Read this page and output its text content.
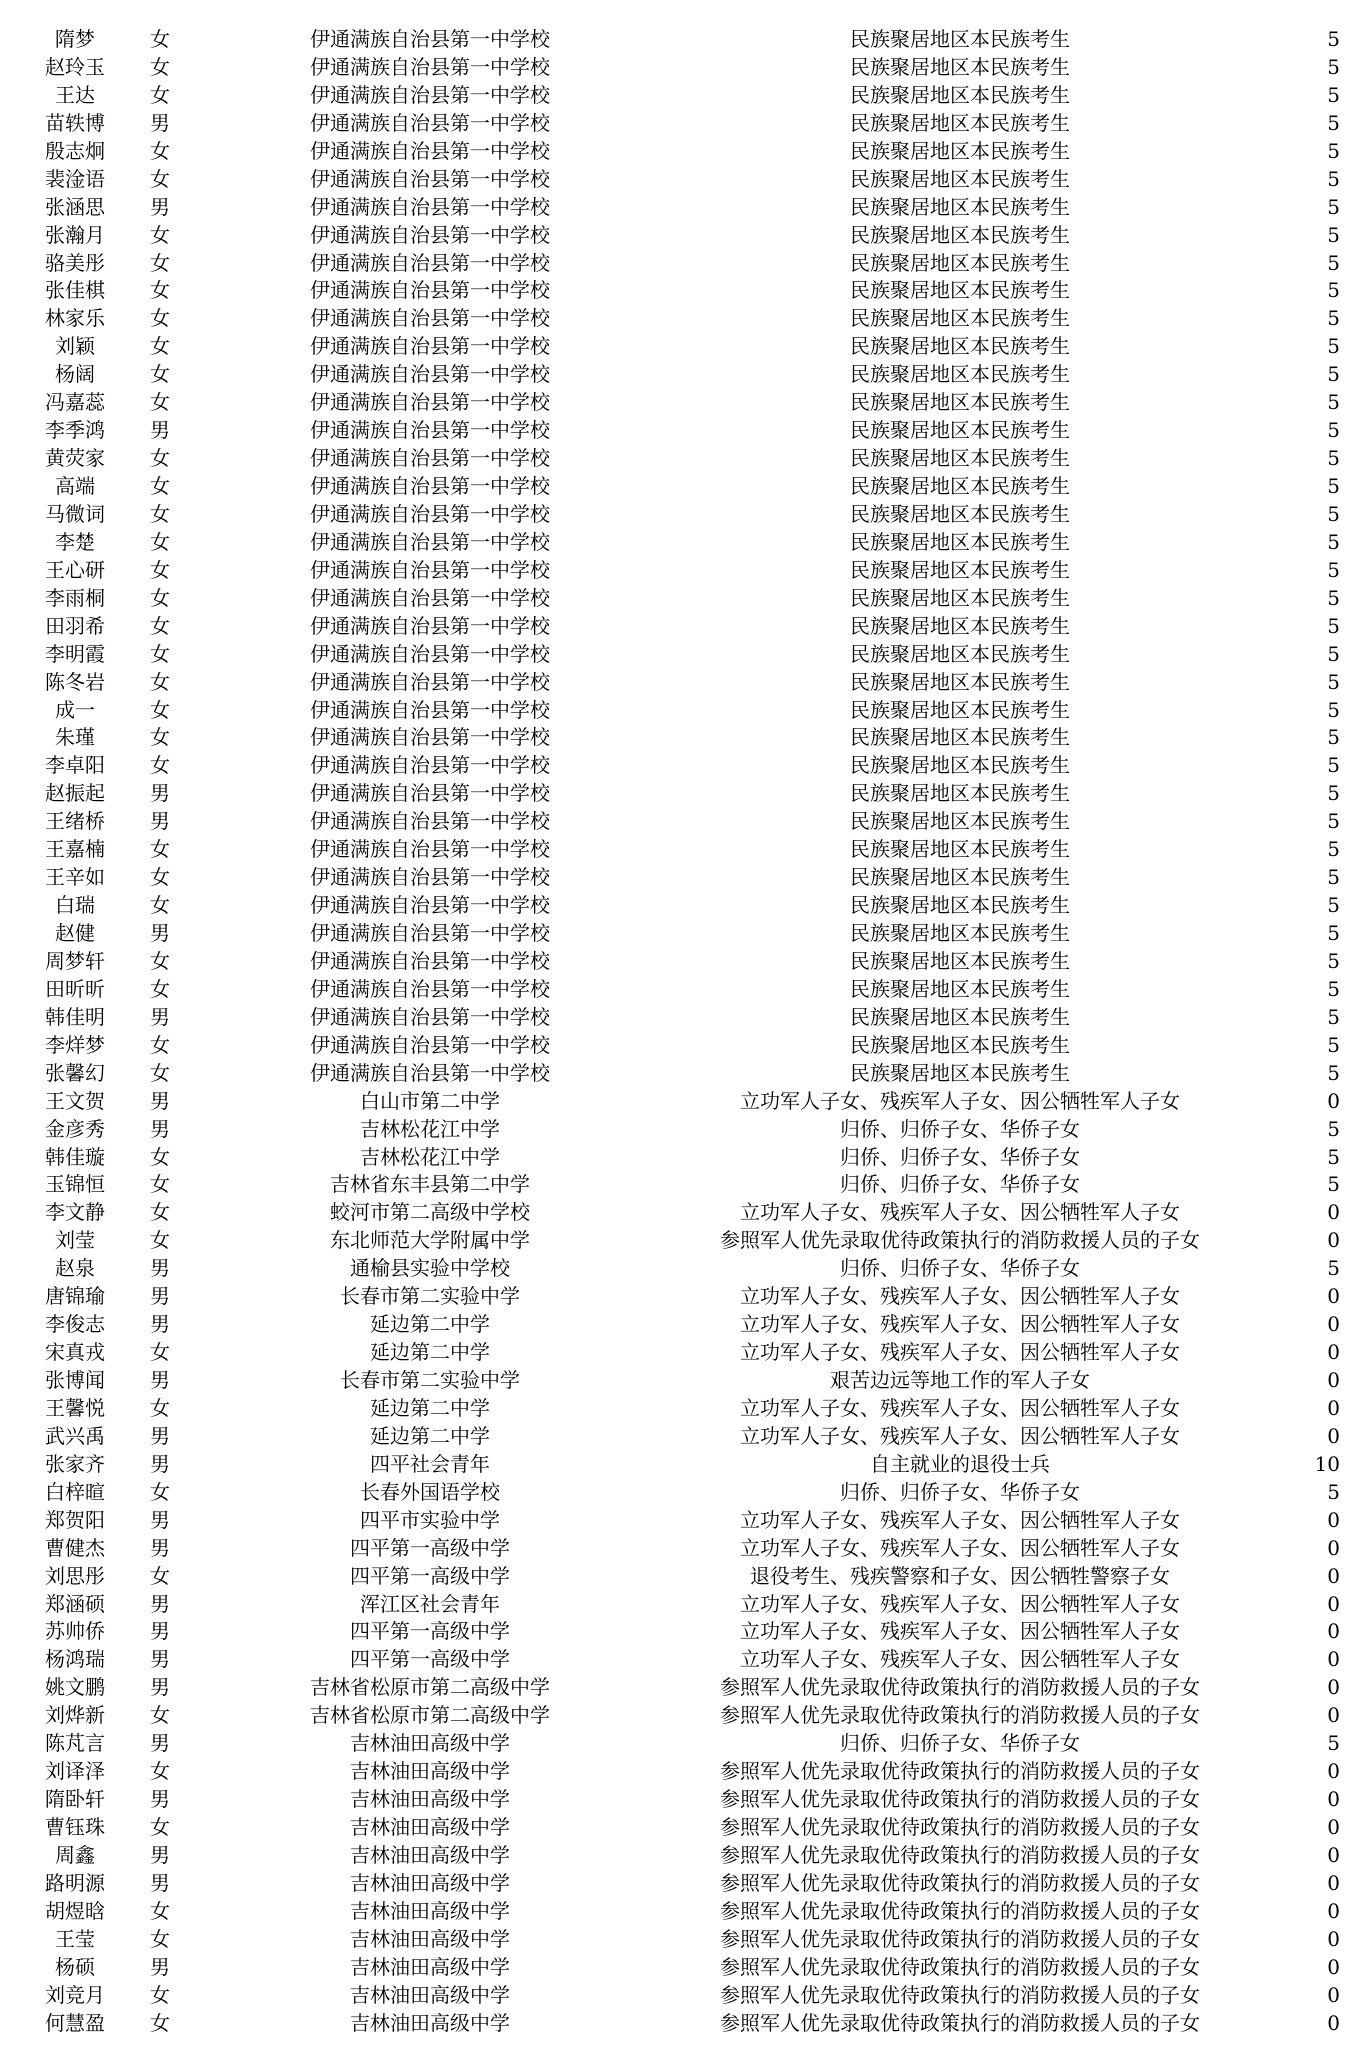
隋梦	女	伊通满族自治县第一中学校	民族聚居地区本民族考生	5
赵玲玉	女	伊通满族自治县第一中学校	民族聚居地区本民族考生	5
王达	女	伊通满族自治县第一中学校	民族聚居地区本民族考生	5
苗轶博	男	伊通满族自治县第一中学校	民族聚居地区本民族考生	5
殷志炯	女	伊通满族自治县第一中学校	民族聚居地区本民族考生	5
裴淦语	女	伊通满族自治县第一中学校	民族聚居地区本民族考生	5
张涵思	男	伊通满族自治县第一中学校	民族聚居地区本民族考生	5
张瀚月	女	伊通满族自治县第一中学校	民族聚居地区本民族考生	5
骆美彤	女	伊通满族自治县第一中学校	民族聚居地区本民族考生	5
张佳棋	女	伊通满族自治县第一中学校	民族聚居地区本民族考生	5
林家乐	女	伊通满族自治县第一中学校	民族聚居地区本民族考生	5
刘颖	女	伊通满族自治县第一中学校	民族聚居地区本民族考生	5
杨阔	女	伊通满族自治县第一中学校	民族聚居地区本民族考生	5
冯嘉蕊	女	伊通满族自治县第一中学校	民族聚居地区本民族考生	5
李季鸿	男	伊通满族自治县第一中学校	民族聚居地区本民族考生	5
黄荧家	女	伊通满族自治县第一中学校	民族聚居地区本民族考生	5
高端	女	伊通满族自治县第一中学校	民族聚居地区本民族考生	5
马微词	女	伊通满族自治县第一中学校	民族聚居地区本民族考生	5
李楚	女	伊通满族自治县第一中学校	民族聚居地区本民族考生	5
王心研	女	伊通满族自治县第一中学校	民族聚居地区本民族考生	5
李雨桐	女	伊通满族自治县第一中学校	民族聚居地区本民族考生	5
田羽希	女	伊通满族自治县第一中学校	民族聚居地区本民族考生	5
李明霞	女	伊通满族自治县第一中学校	民族聚居地区本民族考生	5
陈冬岩	女	伊通满族自治县第一中学校	民族聚居地区本民族考生	5
成一	女	伊通满族自治县第一中学校	民族聚居地区本民族考生	5
朱瑾	女	伊通满族自治县第一中学校	民族聚居地区本民族考生	5
李卓阳	女	伊通满族自治县第一中学校	民族聚居地区本民族考生	5
赵振起	男	伊通满族自治县第一中学校	民族聚居地区本民族考生	5
王绪桥	男	伊通满族自治县第一中学校	民族聚居地区本民族考生	5
王嘉楠	女	伊通满族自治县第一中学校	民族聚居地区本民族考生	5
王辛如	女	伊通满族自治县第一中学校	民族聚居地区本民族考生	5
白瑞	女	伊通满族自治县第一中学校	民族聚居地区本民族考生	5
赵健	男	伊通满族自治县第一中学校	民族聚居地区本民族考生	5
周梦轩	女	伊通满族自治县第一中学校	民族聚居地区本民族考生	5
田昕昕	女	伊通满族自治县第一中学校	民族聚居地区本民族考生	5
韩佳明	男	伊通满族自治县第一中学校	民族聚居地区本民族考生	5
李烊梦	女	伊通满族自治县第一中学校	民族聚居地区本民族考生	5
张馨幻	女	伊通满族自治县第一中学校	民族聚居地区本民族考生	5
王文贺	男	白山市第二中学	立功军人子女、残疾军人子女、因公牺牲军人子女	0
金彦秀	男	吉林松花江中学	归侨、归侨子女、华侨子女	5
韩佳璇	女	吉林松花江中学	归侨、归侨子女、华侨子女	5
玉锦恒	女	吉林省东丰县第二中学	归侨、归侨子女、华侨子女	5
李文静	女	蛟河市第二高级中学校	立功军人子女、残疾军人子女、因公牺牲军人子女	0
刘莹	女	东北师范大学附属中学	参照军人优先录取优待政策执行的消防救援人员的子女	0
赵泉	男	通榆县实验中学校	归侨、归侨子女、华侨子女	5
唐锦瑜	男	长春市第二实验中学	立功军人子女、残疾军人子女、因公牺牲军人子女	0
李俊志	男	延边第二中学	立功军人子女、残疾军人子女、因公牺牲军人子女	0
宋真戎	女	延边第二中学	立功军人子女、残疾军人子女、因公牺牲军人子女	0
张博闻	男	长春市第二实验中学	艰苦边远等地工作的军人子女	0
王馨悦	女	延边第二中学	立功军人子女、残疾军人子女、因公牺牲军人子女	0
武兴禹	男	延边第二中学	立功军人子女、残疾军人子女、因公牺牲军人子女	0
张家齐	男	四平社会青年	自主就业的退役士兵	10
白梓暄	女	长春外国语学校	归侨、归侨子女、华侨子女	5
郑贺阳	男	四平市实验中学	立功军人子女、残疾军人子女、因公牺牲军人子女	0
曹健杰	男	四平第一高级中学	立功军人子女、残疾军人子女、因公牺牲军人子女	0
刘思彤	女	四平第一高级中学	退役考生、残疾警察和子女、因公牺牲警察子女	0
郑涵硕	男	浑江区社会青年	立功军人子女、残疾军人子女、因公牺牲军人子女	0
苏帅侨	男	四平第一高级中学	立功军人子女、残疾军人子女、因公牺牲军人子女	0
杨鸿瑞	男	四平第一高级中学	立功军人子女、残疾军人子女、因公牺牲军人子女	0
姚文鹏	男	吉林省松原市第二高级中学	参照军人优先录取优待政策执行的消防救援人员的子女	0
刘烨新	女	吉林省松原市第二高级中学	参照军人优先录取优待政策执行的消防救援人员的子女	0
陈芃言	男	吉林油田高级中学	归侨、归侨子女、华侨子女	5
刘译泽	女	吉林油田高级中学	参照军人优先录取优待政策执行的消防救援人员的子女	0
隋卧轩	男	吉林油田高级中学	参照军人优先录取优待政策执行的消防救援人员的子女	0
曹钰珠	女	吉林油田高级中学	参照军人优先录取优待政策执行的消防救援人员的子女	0
周鑫	男	吉林油田高级中学	参照军人优先录取优待政策执行的消防救援人员的子女	0
路明源	男	吉林油田高级中学	参照军人优先录取优待政策执行的消防救援人员的子女	0
胡煜晗	女	吉林油田高级中学	参照军人优先录取优待政策执行的消防救援人员的子女	0
王莹	女	吉林油田高级中学	参照军人优先录取优待政策执行的消防救援人员的子女	0
杨硕	男	吉林油田高级中学	参照军人优先录取优待政策执行的消防救援人员的子女	0
刘竞月	女	吉林油田高级中学	参照军人优先录取优待政策执行的消防救援人员的子女	0
何慧盈	女	吉林油田高级中学	参照军人优先录取优待政策执行的消防救援人员的子女	0
